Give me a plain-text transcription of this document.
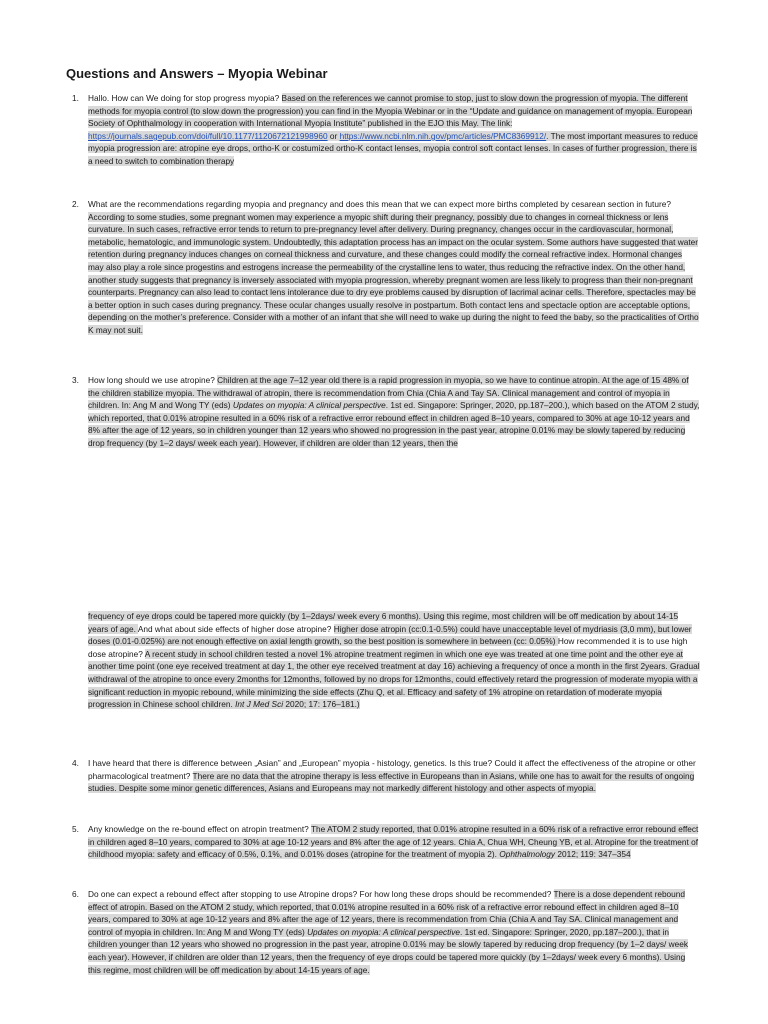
Questions and Answers – Myopia Webinar
1. Hallo. How can We doing for stop progress myopia? Based on the references we cannot promise to stop, just to slow down the progression of myopia. The different methods for myopia control (to slow down the progression) you can find in the Myopia Webinar or in the “Update and guidance on management of myopia. European Society of Ophthalmology in cooperation with International Myopia Institute” published in the EJO this May. The link: https://journals.sagepub.com/doi/full/10.1177/1120672121998960 or https://www.ncbi.nlm.nih.gov/pmc/articles/PMC8369912/. The most important measures to reduce myopia progression are: atropine eye drops, ortho-K or costumized ortho-K contact lenses, myopia control soft contact lenses. In cases of further progression, there is a need to switch to combination therapy
2. What are the recommendations regarding myopia and pregnancy and does this mean that we can expect more births completed by cesarean section in future? According to some studies, some pregnant women may experience a myopic shift during their pregnancy, possibly due to changes in corneal thickness or lens curvature. In such cases, refractive error tends to return to pre-pregnancy level after delivery. During pregnancy, changes occur in the cardiovascular, hormonal, metabolic, hematologic, and immunologic system. Undoubtedly, this adaptation process has an impact on the ocular system. Some authors have suggested that water retention during pregnancy induces changes on corneal thickness and curvature, and these changes could modify the corneal refractive index. Hormonal changes may also play a role since progestins and estrogens increase the permeability of the crystalline lens to water, thus reducing the refractive index. On the other hand, another study suggests that pregnancy is inversely associated with myopia progression, whereby pregnant women are less likely to progress than their non-pregnant counterparts. Pregnancy can also lead to contact lens intolerance due to dry eye problems caused by disruption of lacrimal acinar cells. Therefore, spectacles may be a better option in such cases during pregnancy. These ocular changes usually resolve in postpartum. Both contact lens and spectacle option are acceptable options, depending on the mother’s preference. Consider with a mother of an infant that she will need to wake up during the night to feed the baby, so the practicalities of Ortho K may not suit.
3. How long should we use atropine? Children at the age 7–12 year old there is a rapid progression in myopia, so we have to continue atropin. At the age of 15 48% of the children stabilize myopia. The withdrawal of atropin, there is recommendation from Chia (Chia A and Tay SA. Clinical management and control of myopia in children. In: Ang M and Wong TY (eds) Updates on myopia: A clinical perspective. 1st ed. Singapore: Springer, 2020, pp.187–200.), which based on the ATOM 2 study, which reported, that 0.01% atropine resulted in a 60% risk of a refractive error rebound effect in children aged 8–10 years, compared to 30% at age 10-12 years and 8% after the age of 12 years, so in children younger than 12 years who showed no progression in the past year, atropine 0.01% may be slowly tapered by reducing drop frequency (by 1–2 days/ week each year). However, if children are older than 12 years, then the
frequency of eye drops could be tapered more quickly (by 1–2days/ week every 6 months). Using this regime, most children will be off medication by about 14-15 years of age. And what about side effects of higher dose atropine? Higher dose atropin (cc:0.1-0.5%) could have unacceptable level of mydriasis (3,0 mm), but lower doses (0.01-0.025%) are not enough effective on axial length growth, so the best position is somewhere in between (cc: 0.05%) How recommended it is to use high dose atropine? A recent study in school children tested a novel 1% atropine treatment regimen in which one eye was treated at one time point and the other eye at another time point (one eye received treatment at day 1, the other eye received treatment at day 16) achieving a frequency of once a month in the first 2years. Gradual withdrawal of the atropine to once every 2months for 12months, followed by no drops for 12months, could effectively retard the progression of moderate myopia with a significant reduction in myopic rebound, while minimizing the side effects (Zhu Q, et al. Efficacy and safety of 1% atropine on retardation of moderate myopia progression in Chinese school children. Int J Med Sci 2020; 17: 176–181.)
4. I have heard that there is difference between „Asian” and „European” myopia - histology, genetics. Is this true? Could it affect the effectiveness of the atropine or other pharmacological treatment? There are no data that the atropine therapy is less effective in Europeans than in Asians, while one has to await for the results of ongoing studies. Despite some minor genetic differences, Asians and Europeans may not markedly different histology and other aspects of myopia.
5. Any knowledge on the re-bound effect on atropin treatment? The ATOM 2 study reported, that 0.01% atropine resulted in a 60% risk of a refractive error rebound effect in children aged 8–10 years, compared to 30% at age 10-12 years and 8% after the age of 12 years. Chia A, Chua WH, Cheung YB, et al. Atropine for the treatment of childhood myopia: safety and efficacy of 0.5%, 0.1%, and 0.01% doses (atropine for the treatment of myopia 2). Ophthalmology 2012; 119: 347–354
6. Do one can expect a rebound effect after stopping to use Atropine drops? For how long these drops should be recommended? There is a dose dependent rebound effect of atropin. Based on the ATOM 2 study, which reported, that 0.01% atropine resulted in a 60% risk of a refractive error rebound effect in children aged 8–10 years, compared to 30% at age 10-12 years and 8% after the age of 12 years, there is recommendation from Chia (Chia A and Tay SA. Clinical management and control of myopia in children. In: Ang M and Wong TY (eds) Updates on myopia: A clinical perspective. 1st ed. Singapore: Springer, 2020, pp.187–200.), that in children younger than 12 years who showed no progression in the past year, atropine 0.01% may be slowly tapered by reducing drop frequency (by 1–2 days/ week each year). However, if children are older than 12 years, then the frequency of eye drops could be tapered more quickly (by 1–2days/ week every 6 months). Using this regime, most children will be off medication by about 14-15 years of age.
